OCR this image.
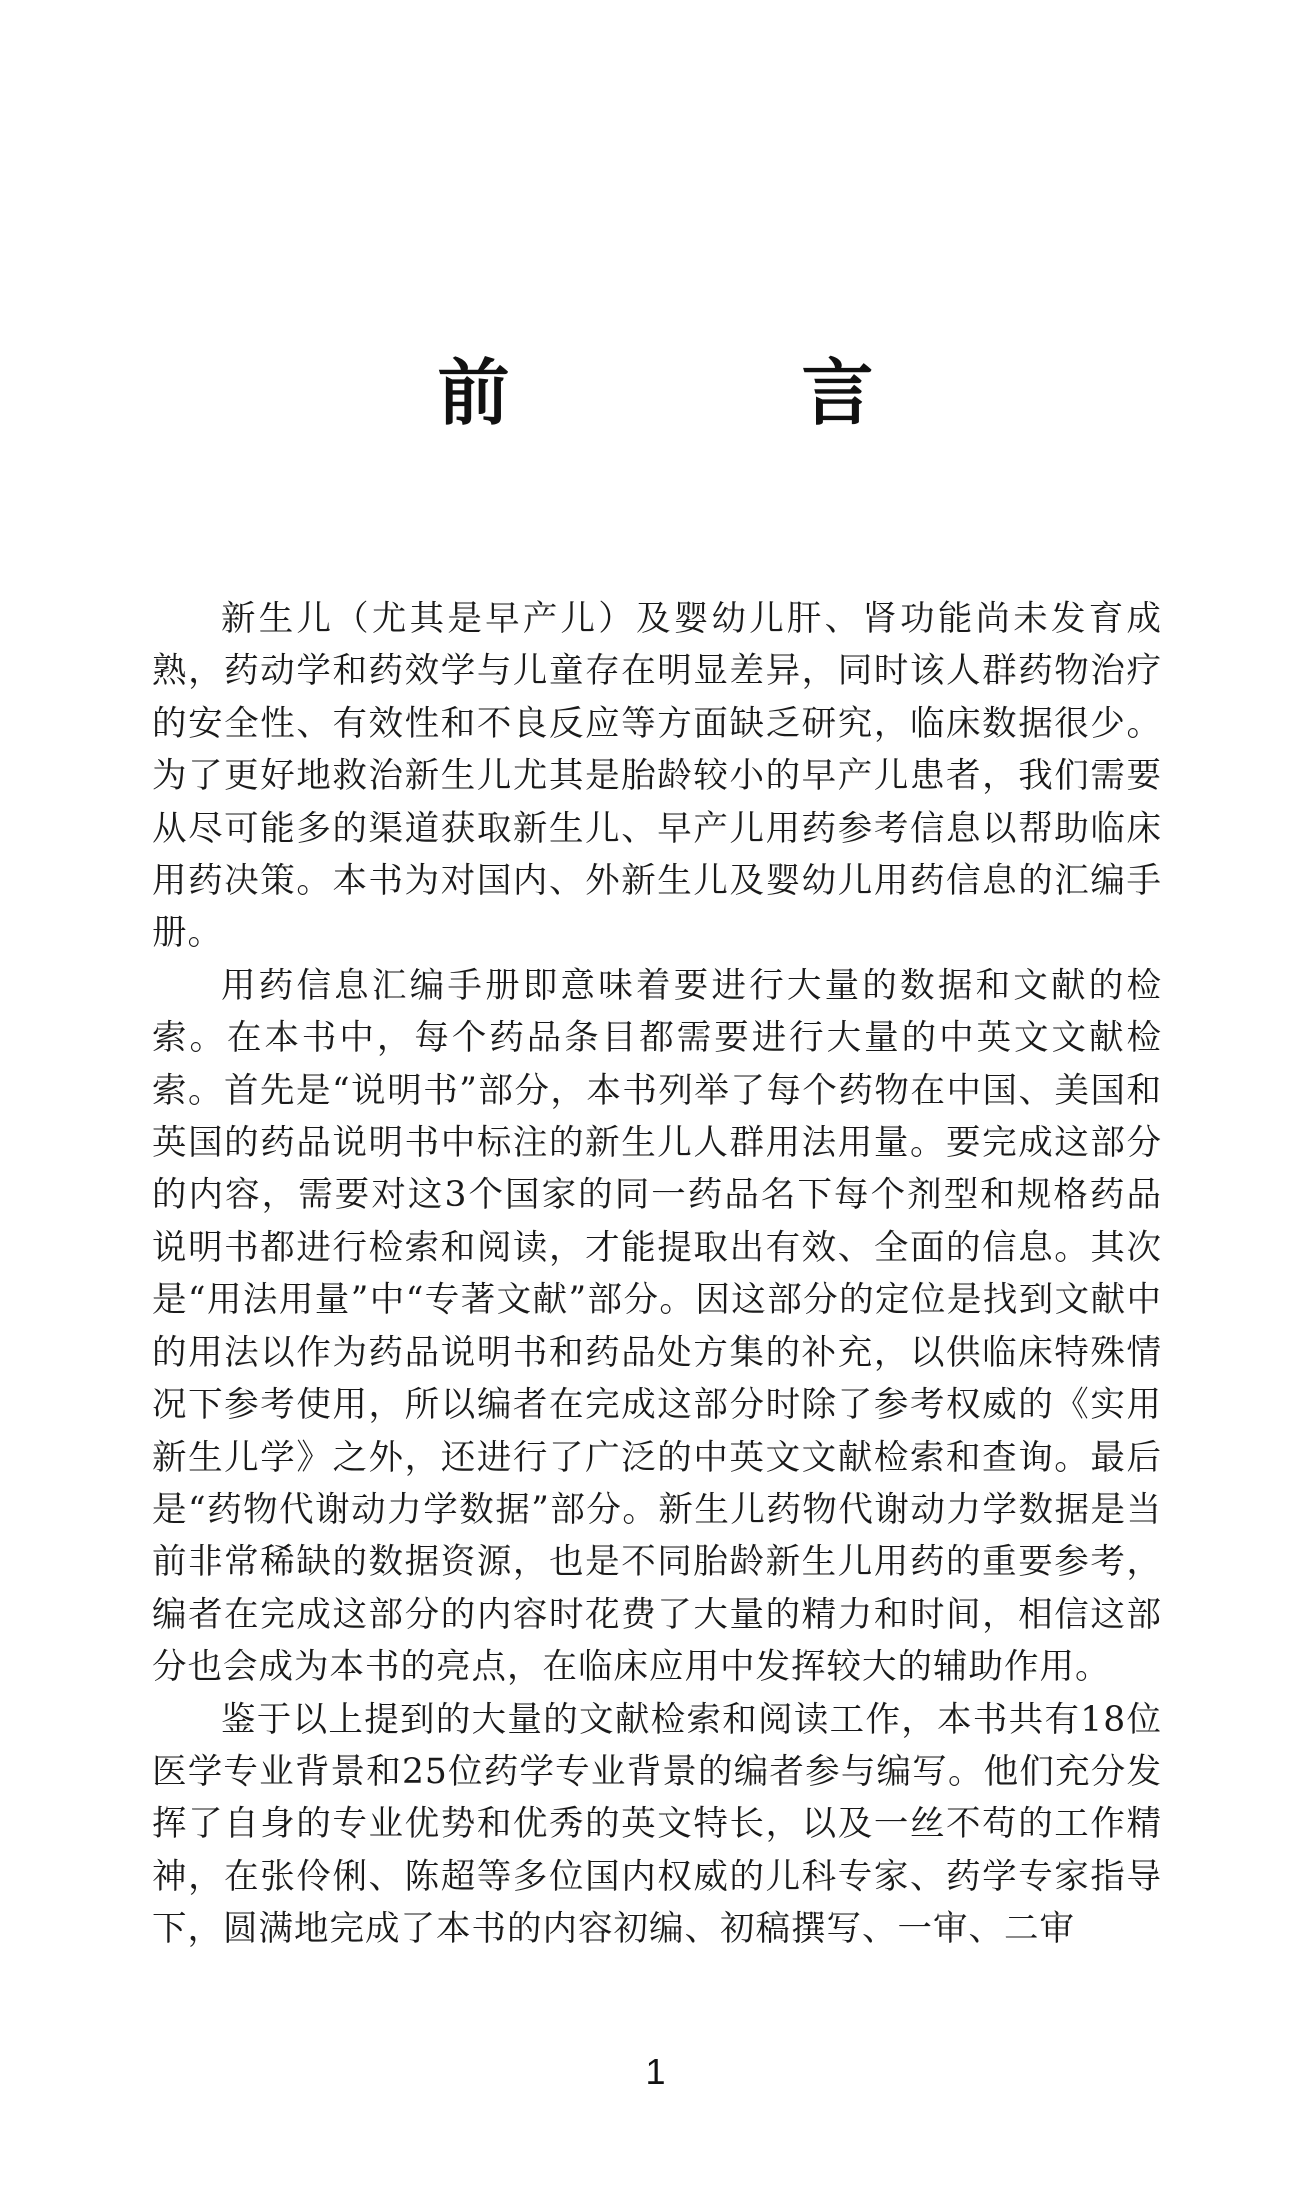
前　言

新生儿（尤其是早产儿）及婴幼儿肝、肾功能尚未发育成熟，药动学和药效学与儿童存在明显差异，同时该人群药物治疗的安全性、有效性和不良反应等方面缺乏研究，临床数据很少。为了更好地救治新生儿尤其是胎龄较小的早产儿患者，我们需要从尽可能多的渠道获取新生儿、早产儿用药参考信息以帮助临床用药决策。本书为对国内、外新生儿及婴幼儿用药信息的汇编手册。

用药信息汇编手册即意味着要进行大量的数据和文献的检索。在本书中，每个药品条目都需要进行大量的中英文文献检索。首先是“说明书”部分，本书列举了每个药物在中国、美国和英国的药品说明书中标注的新生儿人群用法用量。要完成这部分的内容，需要对这3个国家的同一药品名下每个剂型和规格药品说明书都进行检索和阅读，才能提取出有效、全面的信息。其次是“用法用量”中“专著文献”部分。因这部分的定位是找到文献中的用法以作为药品说明书和药品处方集的补充，以供临床特殊情况下参考使用，所以编者在完成这部分时除了参考权威的《实用新生儿学》之外，还进行了广泛的中英文文献检索和查询。最后是“药物代谢动力学数据”部分。新生儿药物代谢动力学数据是当前非常稀缺的数据资源，也是不同胎龄新生儿用药的重要参考，编者在完成这部分的内容时花费了大量的精力和时间，相信这部分也会成为本书的亮点，在临床应用中发挥较大的辅助作用。

鉴于以上提到的大量的文献检索和阅读工作，本书共有18位医学专业背景和25位药学专业背景的编者参与编写。他们充分发挥了自身的专业优势和优秀的英文特长，以及一丝不苟的工作精神，在张伶俐、陈超等多位国内权威的儿科专家、药学专家指导下，圆满地完成了本书的内容初编、初稿撰写、一审、二审

1
